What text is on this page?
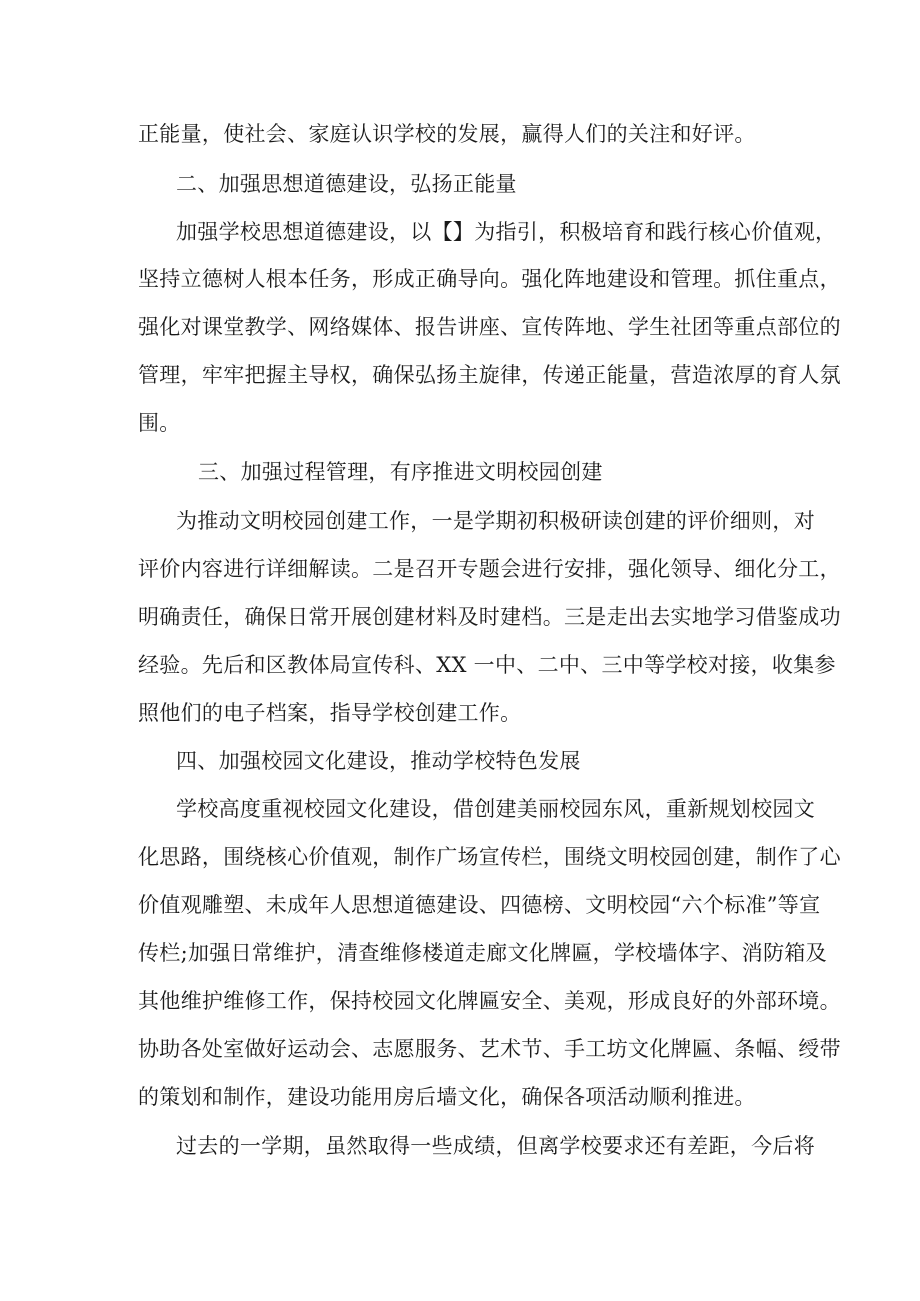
正能量，使社会、家庭认识学校的发展，赢得人们的关注和好评。
二、加强思想道德建设，弘扬正能量
加强学校思想道德建设，以【】为指引，积极培育和践行核心价值观，
坚持立德树人根本任务，形成正确导向。强化阵地建设和管理。抓住重点，
强化对课堂教学、网络媒体、报告讲座、宣传阵地、学生社团等重点部位的
管理，牢牢把握主导权，确保弘扬主旋律，传递正能量，营造浓厚的育人氛
围。
三、加强过程管理，有序推进文明校园创建
为推动文明校园创建工作，一是学期初积极研读创建的评价细则，对
评价内容进行详细解读。二是召开专题会进行安排，强化领导、细化分工，
明确责任，确保日常开展创建材料及时建档。三是走出去实地学习借鉴成功
经验。先后和区教体局宣传科、XX 一中、二中、三中等学校对接，收集参
照他们的电子档案，指导学校创建工作。
四、加强校园文化建设，推动学校特色发展
学校高度重视校园文化建设，借创建美丽校园东风，重新规划校园文
化思路，围绕核心价值观，制作广场宣传栏，围绕文明校园创建，制作了心
价值观雕塑、未成年人思想道德建设、四德榜、文明校园“六个标准”等宣
传栏;加强日常维护，清查维修楼道走廊文化牌匾，学校墙体字、消防箱及
其他维护维修工作，保持校园文化牌匾安全、美观，形成良好的外部环境。
协助各处室做好运动会、志愿服务、艺术节、手工坊文化牌匾、条幅、绶带
的策划和制作，建设功能用房后墙文化，确保各项活动顺利推进。
过去的一学期，虽然取得一些成绩，但离学校要求还有差距，今后将
